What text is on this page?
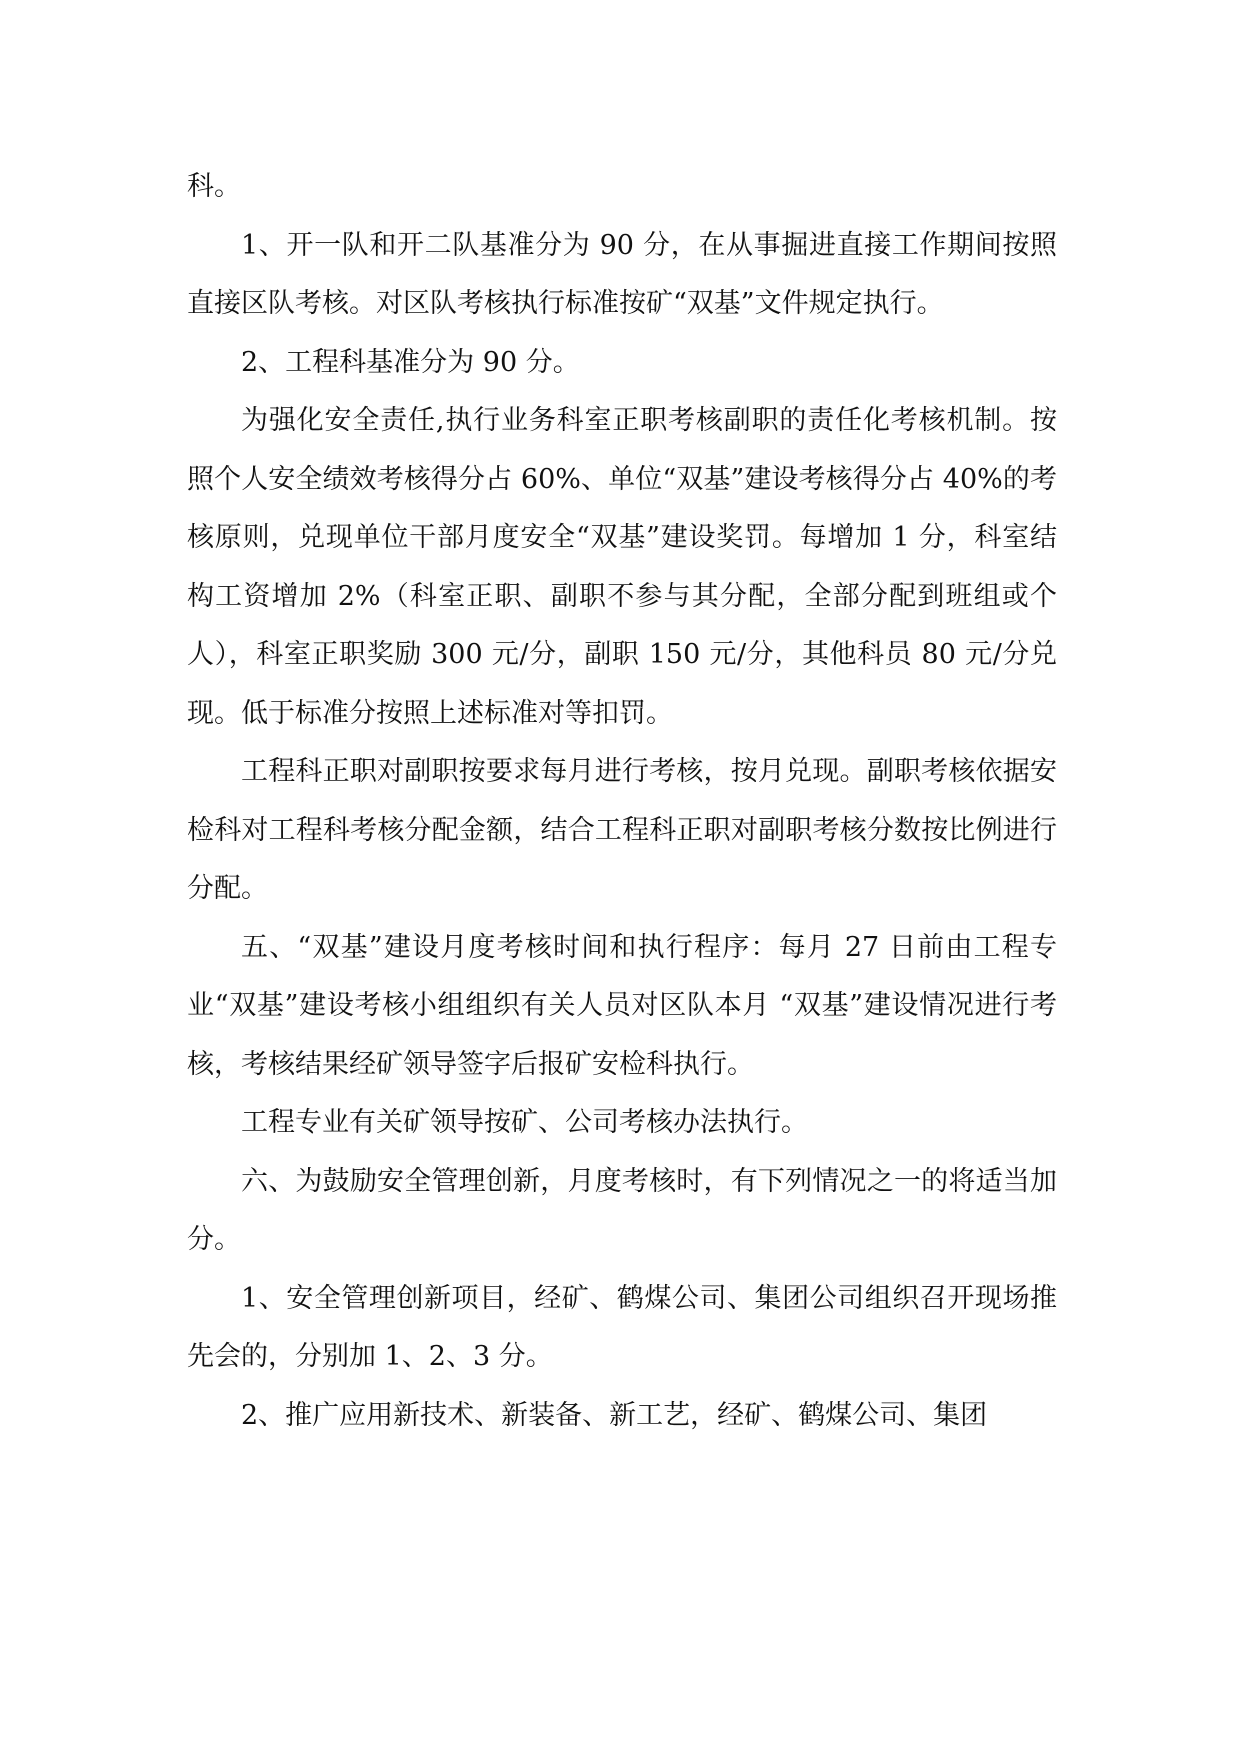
科。

1、开一队和开二队基准分为 90 分，在从事掘进直接工作期间按照直接区队考核。对区队考核执行标准按矿“双基”文件规定执行。

2、工程科基准分为 90 分。

为强化安全责任,执行业务科室正职考核副职的责任化考核机制。按照个人安全绩效考核得分占 60%、单位“双基”建设考核得分占 40%的考核原则，兑现单位干部月度安全“双基”建设奖罚。每增加 1 分，科室结构工资增加 2%（科室正职、副职不参与其分配，全部分配到班组或个人），科室正职奖励 300 元/分，副职 150 元/分，其他科员 80 元/分兑现。低于标准分按照上述标准对等扣罚。

工程科正职对副职按要求每月进行考核，按月兑现。副职考核依据安检科对工程科考核分配金额，结合工程科正职对副职考核分数按比例进行分配。

五、“双基”建设月度考核时间和执行程序：每月 27 日前由工程专业“双基”建设考核小组组织有关人员对区队本月 “双基”建设情况进行考核，考核结果经矿领导签字后报矿安检科执行。

工程专业有关矿领导按矿、公司考核办法执行。

六、为鼓励安全管理创新，月度考核时，有下列情况之一的将适当加分。

1、安全管理创新项目，经矿、鹤煤公司、集团公司组织召开现场推先会的，分别加 1、2、3 分。

2、推广应用新技术、新装备、新工艺，经矿、鹤煤公司、集团
